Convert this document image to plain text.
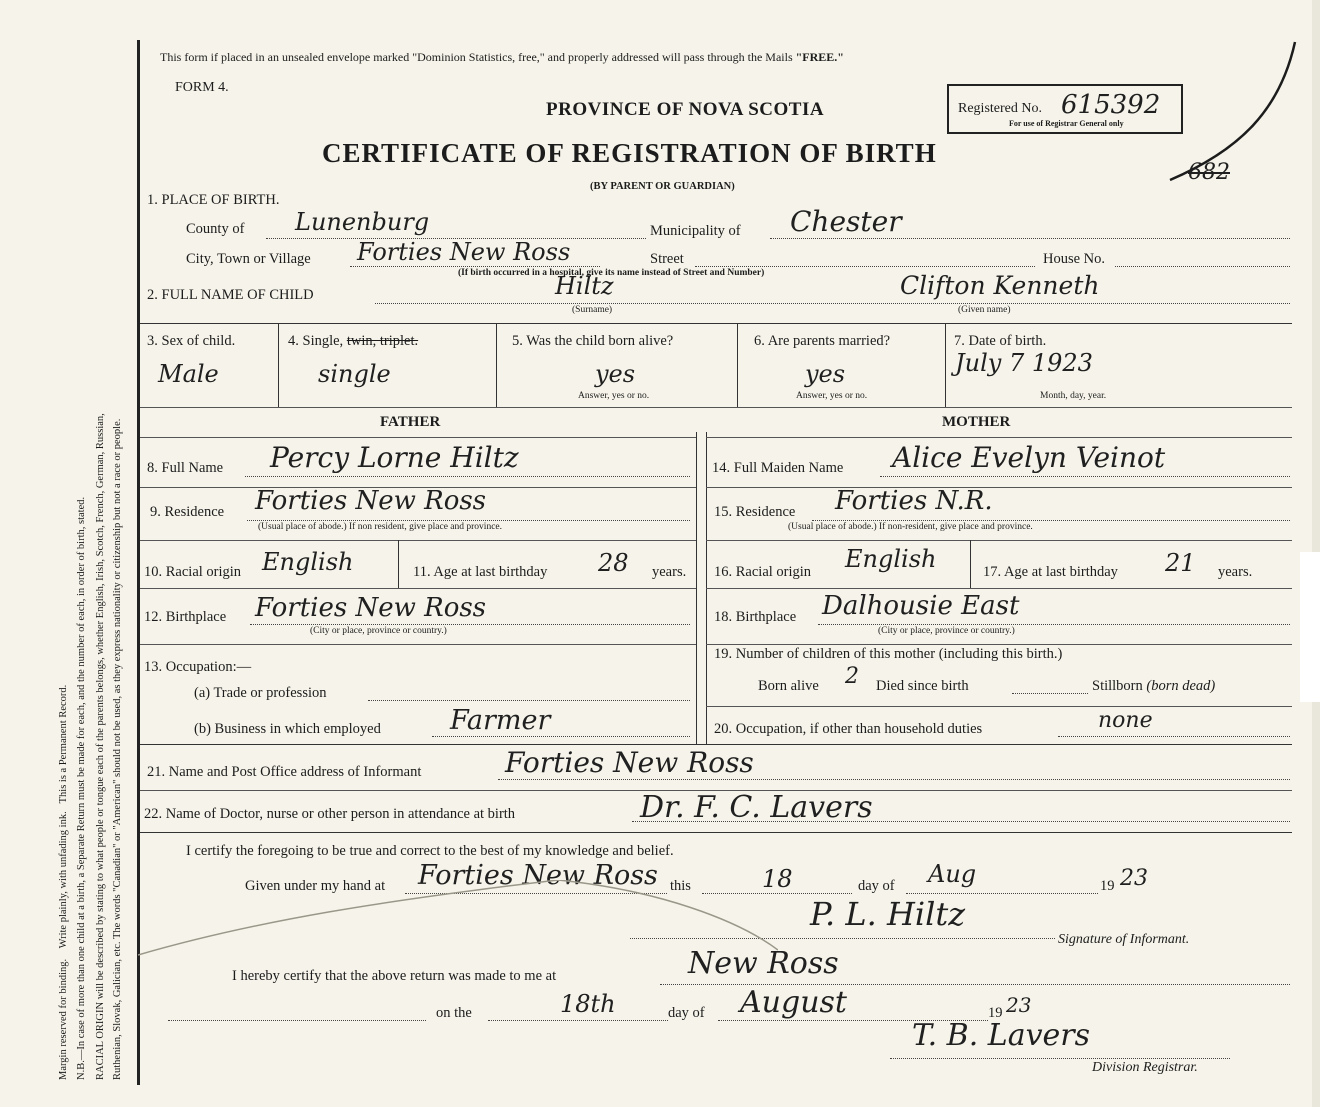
Margin reserved for binding.    Write plainly, with unfading ink.   This is a Permanent Record. N.B.—In case of more than one child at a birth, a Separate Return must be made for each, and the number of each, in order of birth, stated. RACIAL ORIGIN will be described by stating to what people or tongue each of the parents belongs, whether English, Irish, Scotch, French, German, Russian, Ruthenian, Slovak, Galician, etc. The words "Canadian" or "American" should not be used, as they express nationality or citizenship but not a race or people.
This form if placed in an unsealed envelope marked "Dominion Statistics, free," and properly addressed will pass through the Mails "FREE."
FORM 4.
PROVINCE OF NOVA SCOTIA
CERTIFICATE OF REGISTRATION OF BIRTH
(BY PARENT OR GUARDIAN)
Registered No. 615392
For use of Registrar General only
682
1. PLACE OF BIRTH.
County of Lunenburg	Municipality of Chester
City, Town or Village Forties New Ross	Street	House No.
(If birth occurred in a hospital, give its name instead of Street and Number)
2. FULL NAME OF CHILD	Hiltz
(Surname)
Clifton Kenneth
(Given name)
3. Sex of child.
Male
4. Single, twin, triplet.
single
5. Was the child born alive?
yes
Answer, yes or no.
6. Are parents married?
yes
Answer, yes or no.
7. Date of birth.
July 7 1923
Month, day, year.
FATHER	MOTHER
8. Full Name Percy Lorne Hiltz
9. Residence Forties New Ross
(Usual place of abode.) If non resident, give place and province.
10. Racial origin English	11. Age at last birthday 28 years.
12. Birthplace Forties New Ross
(City or place, province or country.)
13. Occupation:—
(a) Trade or profession
(b) Business in which employed	Farmer
14. Full Maiden Name Alice Evelyn Veinot
15. Residence Forties N.R.
(Usual place of abode.) If non-resident, give place and province.
16. Racial origin English	17. Age at last birthday 21 years.
18. Birthplace Dalhousie East
(City or place, province or country.)
19. Number of children of this mother (including this birth.)
Born alive 2 Died since birth	Stillborn (born dead)
20. Occupation, if other than household duties	none
21. Name and Post Office address of Informant	Forties New Ross
22. Name of Doctor, nurse or other person in attendance at birth	Dr. F. C. Lavers
I certify the foregoing to be true and correct to the best of my knowledge and belief.
Given under my hand at Forties New Ross this	18	day of Aug	19 23
P. L. Hiltz
Signature of Informant.
I hereby certify that the above return was made to me at	New Ross
on the	18th	day of August	19 23
T. B. Lavers
Division Registrar.
